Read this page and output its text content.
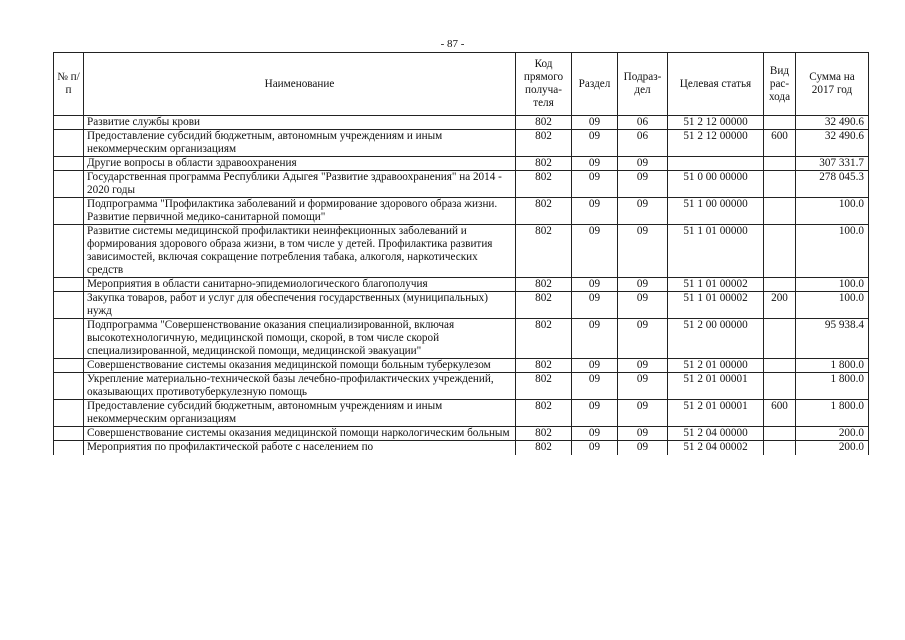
- 87 -
№ п/п	Наименование	Код прямого получа-теля	Раздел	Подраз-дел	Целевая статья	Вид рас-хода	Сумма на 2017 год
	Развитие службы крови	802	09	06	51 2 12 00000		32 490.6
	Предоставление субсидий бюджетным, автономным учреждениям и иным некоммерческим организациям	802	09	06	51 2 12 00000	600	32 490.6
	Другие вопросы в области здравоохранения	802	09	09			307 331.7
	Государственная программа Республики Адыгея "Развитие здравоохранения" на 2014 - 2020 годы	802	09	09	51 0 00 00000		278 045.3
	Подпрограмма "Профилактика заболеваний и формирование здорового образа жизни. Развитие первичной медико-санитарной помощи"	802	09	09	51 1 00 00000		100.0
	Развитие системы медицинской профилактики неинфекционных заболеваний и формирования здорового образа жизни, в том числе у детей. Профилактика развития зависимостей, включая сокращение потребления табака, алкоголя, наркотических средств	802	09	09	51 1 01 00000		100.0
	Мероприятия в области санитарно-эпидемиологического благополучия	802	09	09	51 1 01 00002		100.0
	Закупка товаров, работ и услуг для обеспечения государственных (муниципальных) нужд	802	09	09	51 1 01 00002	200	100.0
	Подпрограмма "Совершенствование оказания специализированной, включая высокотехнологичную, медицинской помощи, скорой, в том числе скорой специализированной, медицинской помощи, медицинской эвакуации"	802	09	09	51 2 00 00000		95 938.4
	Совершенствование системы оказания медицинской помощи больным туберкулезом	802	09	09	51 2 01 00000		1 800.0
	Укрепление материально-технической базы лечебно-профилактических учреждений, оказывающих противотуберкулезную помощь	802	09	09	51 2 01 00001		1 800.0
	Предоставление субсидий бюджетным, автономным учреждениям и иным некоммерческим организациям	802	09	09	51 2 01 00001	600	1 800.0
	Совершенствование системы оказания медицинской помощи наркологическим больным	802	09	09	51 2 04 00000		200.0
	Мероприятия по профилактической работе с населением по	802	09	09	51 2 04 00002		200.0
